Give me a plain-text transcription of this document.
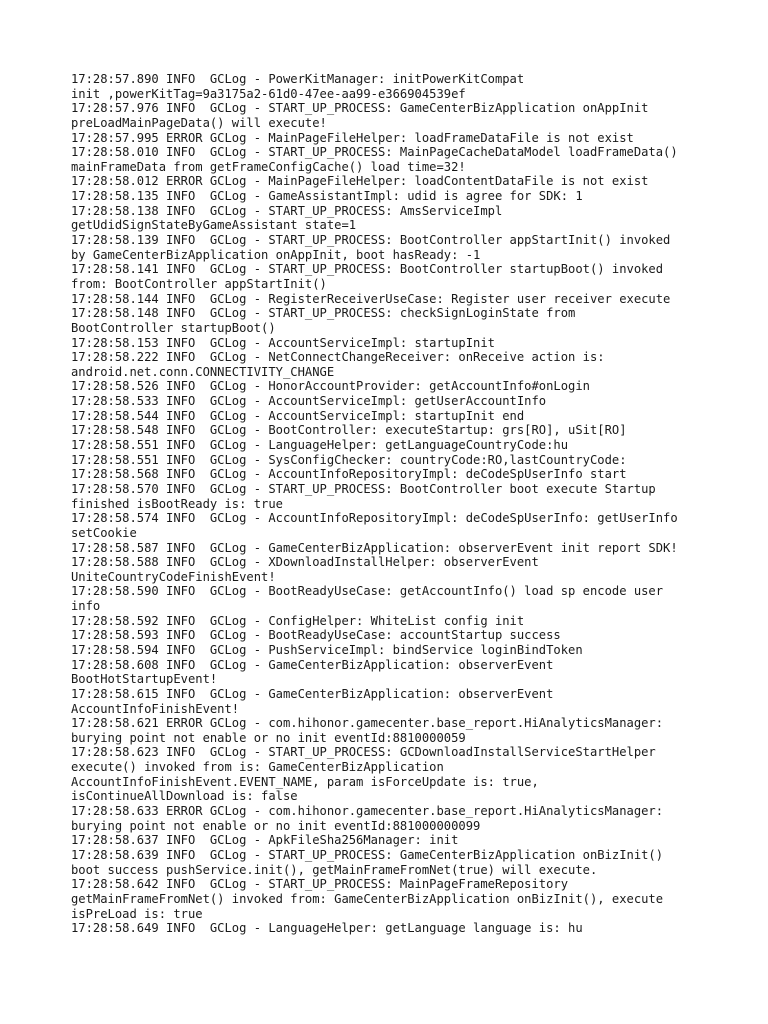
17:28:57.890 INFO  GCLog - PowerKitManager: initPowerKitCompat
init ,powerKitTag=9a3175a2-61d0-47ee-aa99-e366904539ef
17:28:57.976 INFO  GCLog - START_UP_PROCESS: GameCenterBizApplication onAppInit
preLoadMainPageData() will execute!
17:28:57.995 ERROR GCLog - MainPageFileHelper: loadFrameDataFile is not exist
17:28:58.010 INFO  GCLog - START_UP_PROCESS: MainPageCacheDataModel loadFrameData()
mainFrameData from getFrameConfigCache() load time=32!
17:28:58.012 ERROR GCLog - MainPageFileHelper: loadContentDataFile is not exist
17:28:58.135 INFO  GCLog - GameAssistantImpl: udid is agree for SDK: 1
17:28:58.138 INFO  GCLog - START_UP_PROCESS: AmsServiceImpl
getUdidSignStateByGameAssistant state=1
17:28:58.139 INFO  GCLog - START_UP_PROCESS: BootController appStartInit() invoked
by GameCenterBizApplication onAppInit, boot hasReady: -1
17:28:58.141 INFO  GCLog - START_UP_PROCESS: BootController startupBoot() invoked
from: BootController appStartInit()
17:28:58.144 INFO  GCLog - RegisterReceiverUseCase: Register user receiver execute
17:28:58.148 INFO  GCLog - START_UP_PROCESS: checkSignLoginState from
BootController startupBoot()
17:28:58.153 INFO  GCLog - AccountServiceImpl: startupInit
17:28:58.222 INFO  GCLog - NetConnectChangeReceiver: onReceive action is:
android.net.conn.CONNECTIVITY_CHANGE
17:28:58.526 INFO  GCLog - HonorAccountProvider: getAccountInfo#onLogin
17:28:58.533 INFO  GCLog - AccountServiceImpl: getUserAccountInfo
17:28:58.544 INFO  GCLog - AccountServiceImpl: startupInit end
17:28:58.548 INFO  GCLog - BootController: executeStartup: grs[RO], uSit[RO]
17:28:58.551 INFO  GCLog - LanguageHelper: getLanguageCountryCode:hu
17:28:58.551 INFO  GCLog - SysConfigChecker: countryCode:RO,lastCountryCode:
17:28:58.568 INFO  GCLog - AccountInfoRepositoryImpl: deCodeSpUserInfo start
17:28:58.570 INFO  GCLog - START_UP_PROCESS: BootController boot execute Startup
finished isBootReady is: true
17:28:58.574 INFO  GCLog - AccountInfoRepositoryImpl: deCodeSpUserInfo: getUserInfo
setCookie
17:28:58.587 INFO  GCLog - GameCenterBizApplication: observerEvent init report SDK!
17:28:58.588 INFO  GCLog - XDownloadInstallHelper: observerEvent
UniteCountryCodeFinishEvent!
17:28:58.590 INFO  GCLog - BootReadyUseCase: getAccountInfo() load sp encode user
info
17:28:58.592 INFO  GCLog - ConfigHelper: WhiteList config init
17:28:58.593 INFO  GCLog - BootReadyUseCase: accountStartup success
17:28:58.594 INFO  GCLog - PushServiceImpl: bindService loginBindToken
17:28:58.608 INFO  GCLog - GameCenterBizApplication: observerEvent
BootHotStartupEvent!
17:28:58.615 INFO  GCLog - GameCenterBizApplication: observerEvent
AccountInfoFinishEvent!
17:28:58.621 ERROR GCLog - com.hihonor.gamecenter.base_report.HiAnalyticsManager:
burying point not enable or no init eventId:8810000059
17:28:58.623 INFO  GCLog - START_UP_PROCESS: GCDownloadInstallServiceStartHelper
execute() invoked from is: GameCenterBizApplication
AccountInfoFinishEvent.EVENT_NAME, param isForceUpdate is: true,
isContinueAllDownload is: false
17:28:58.633 ERROR GCLog - com.hihonor.gamecenter.base_report.HiAnalyticsManager:
burying point not enable or no init eventId:881000000099
17:28:58.637 INFO  GCLog - ApkFileSha256Manager: init
17:28:58.639 INFO  GCLog - START_UP_PROCESS: GameCenterBizApplication onBizInit()
boot success pushService.init(), getMainFrameFromNet(true) will execute.
17:28:58.642 INFO  GCLog - START_UP_PROCESS: MainPageFrameRepository
getMainFrameFromNet() invoked from: GameCenterBizApplication onBizInit(), execute
isPreLoad is: true
17:28:58.649 INFO  GCLog - LanguageHelper: getLanguage language is: hu
